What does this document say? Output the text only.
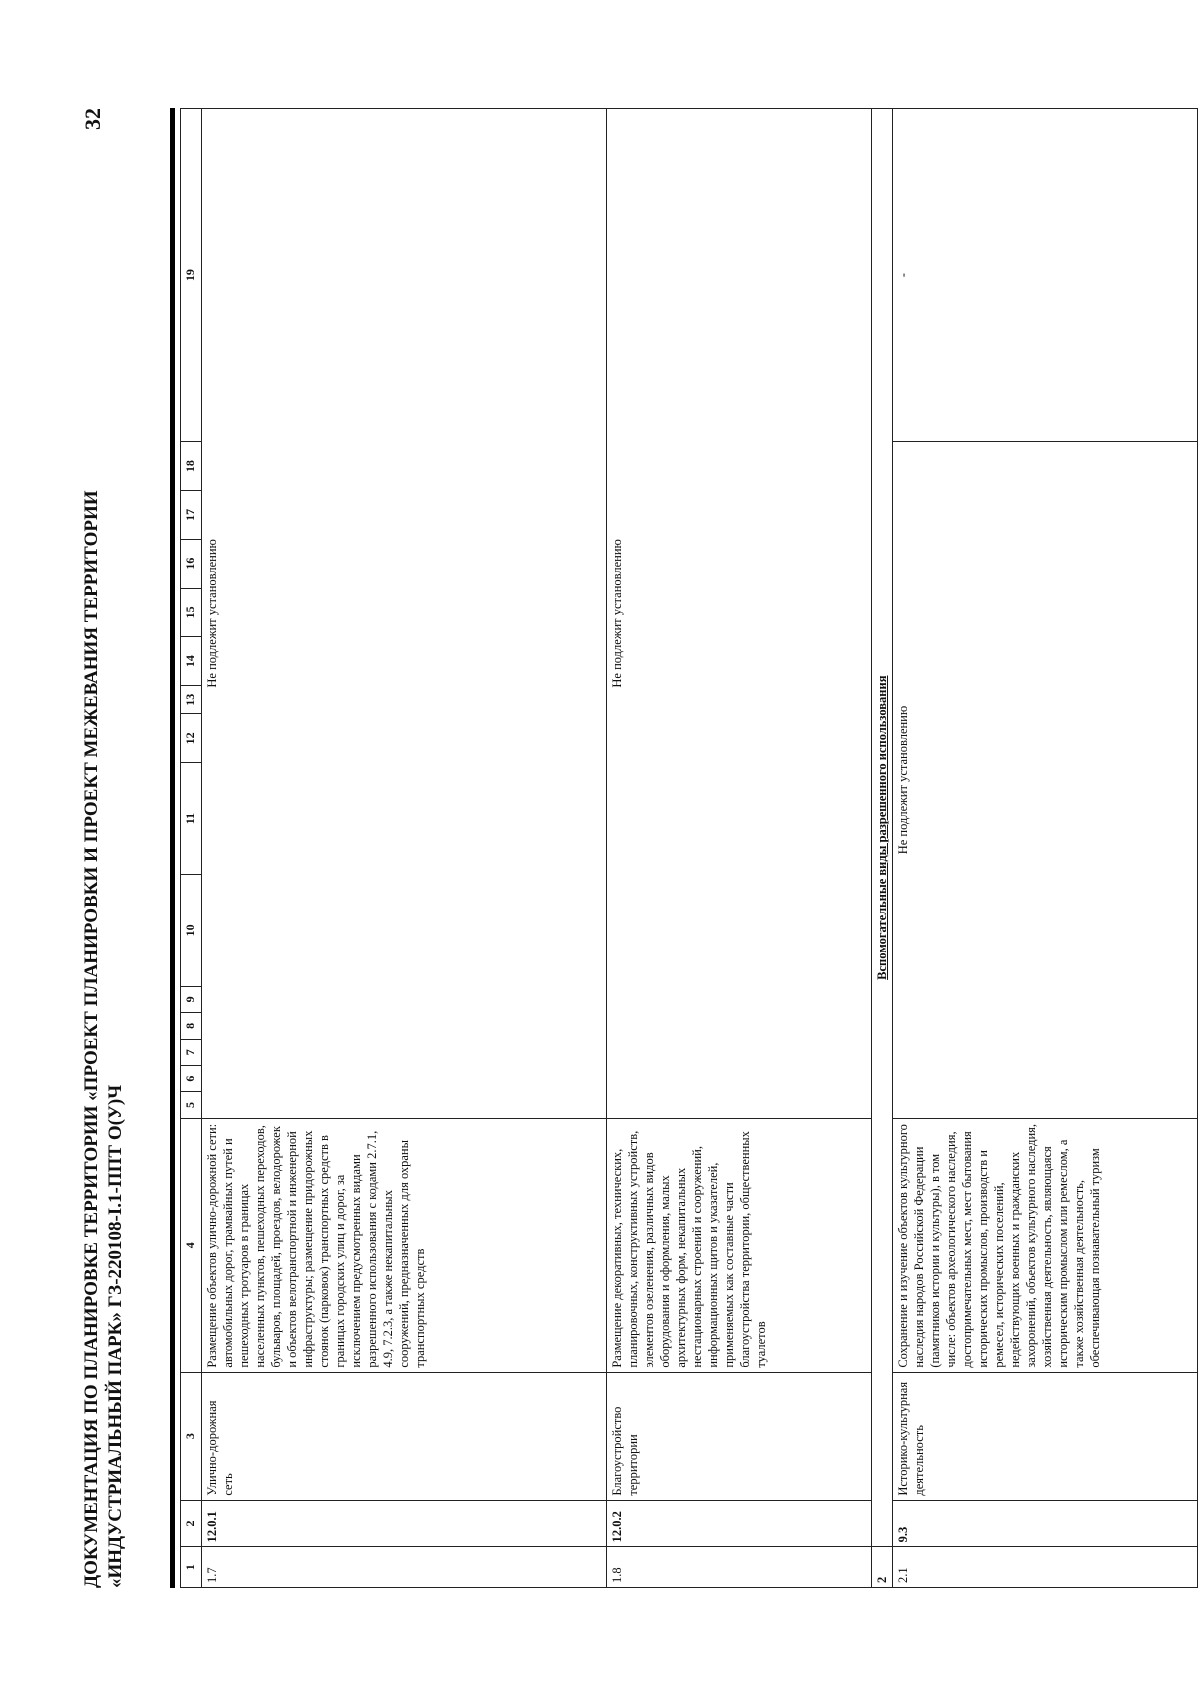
ДОКУМЕНТАЦИЯ ПО ПЛАНИРОВКЕ ТЕРРИТОРИИ «ПРОЕКТ ПЛАНИРОВКИ И ПРОЕКТ МЕЖЕВАНИЯ ТЕРРИТОРИИ «ИНДУСТРИАЛЬНЫЙ ПАРК» ГЗ-220108-I.1-ППТ О(У)Ч
32
1	2	3	4	5	6	7	8	9	10	11	12	13	14	15	16	17	18	19
1.7	12.0.1	Улично-дорожная сеть	Размещение объектов улично-дорожной сети: автомобильных дорог, трамвайных путей и пешеходных тротуаров в границах населенных пунктов, пешеходных переходов, бульваров, площадей, проездов, велодорожек и объектов велотранспортной и инженерной инфраструктуры; размещение придорожных стоянок (парковок) транспортных средств в границах городских улиц и дорог, за исключением предусмотренных видами разрешенного использования с кодами 2.7.1, 4.9, 7.2.3, а также некапитальных сооружений, предназначенных для охраны транспортных средств	Не подлежит установлению														
1.8	12.0.2	Благоустройство территории	Размещение декоративных, технических, планировочных, конструктивных устройств, элементов озеленения, различных видов оборудования и оформления, малых архитектурных форм, некапитальных нестационарных строений и сооружений, информационных щитов и указателей, применяемых как составные части благоустройства территории, общественных туалетов	Не подлежит установлению														
2	Вспомогательные виды разрешенного использования																	
2.1	9.3	Историко-культурная деятельность	Сохранение и изучение объектов культурного наследия народов Российской Федерации (памятников истории и культуры), в том числе: объектов археологического наследия, достопримечательных мест, мест бытования исторических промыслов, производств и ремесел, исторических поселений, недействующих военных и гражданских захоронений, объектов культурного наследия, хозяйственная деятельность, являющаяся историческим промыслом или ремеслом, а также хозяйственная деятельность, обеспечивающая познавательный туризм	Не подлежит установлению														-
